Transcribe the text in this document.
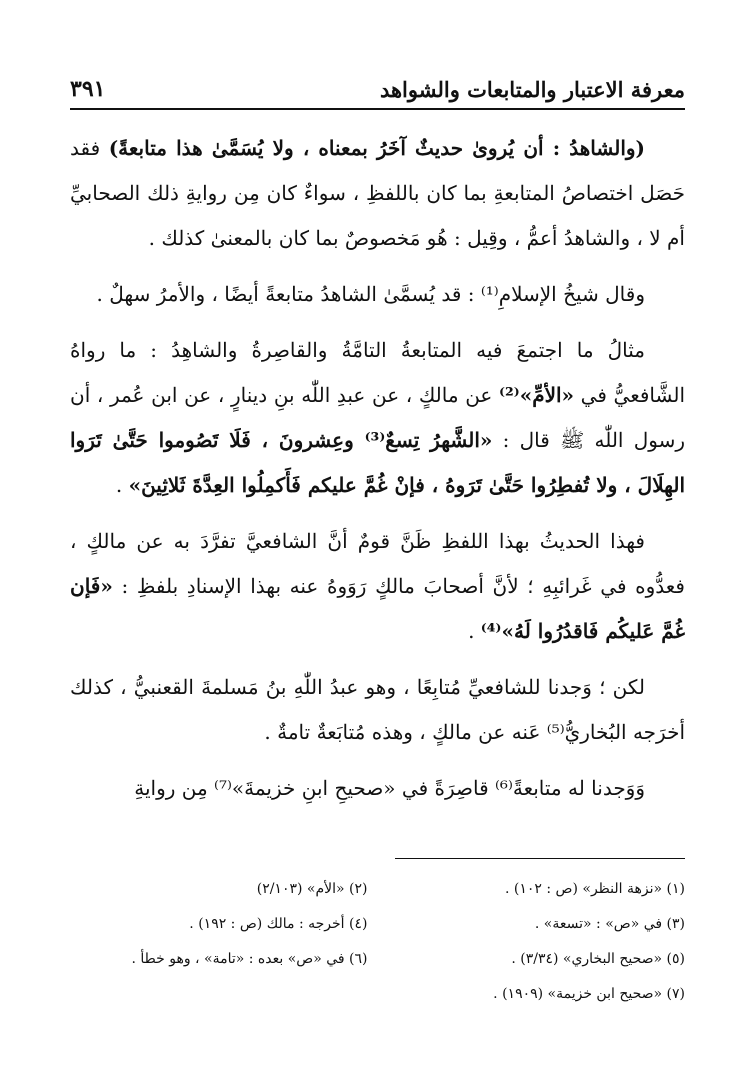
معرفة الاعتبار والمتابعات والشواهد
٣٩١

(والشاهدُ : أن يُروىٰ حديثٌ آخَرُ بمعناه ، ولا يُسَمَّىٰ هذا متابعةً) فقد حَصَل اختصاصُ المتابعةِ بما كان باللفظِ ، سواءٌ كان مِن روايةِ ذلك الصحابيِّ أم لا ، والشاهدُ أعمُّ ، وقِيل : هُو مَخصوصٌ بما كان بالمعنىٰ كذلك .

وقال شيخُ الإسلامِ⁽¹⁾ : قد يُسمَّىٰ الشاهدُ متابعةً أيضًا ، والأمرُ سهلٌ .

مثالُ ما اجتمعَ فيه المتابعةُ التامَّةُ والقاصِرةُ والشاهِدُ : ما رواهُ الشَّافعيُّ في «الأمِّ»⁽²⁾ عن مالكٍ ، عن عبدِ اللّٰه بنِ دينارٍ ، عن ابن عُمر ، أن رسول اللّٰه ﷺ قال : «الشَّهرُ تِسعٌ⁽³⁾ وعِشرونَ ، فَلَا تَصُوموا حَتَّىٰ تَرَوا الهِلَالَ ، ولا تُفطِرُوا حَتَّىٰ تَرَوهُ ، فإنْ غُمَّ عليكم فَأَكمِلُوا العِدَّةَ ثَلاثِينَ» .

فهذا الحديثُ بهذا اللفظِ ظَنَّ قومٌ أنَّ الشافعيَّ تفرَّدَ به عن مالكٍ ، فعدُّوه في غَرائبِهِ ؛ لأنَّ أصحابَ مالكٍ رَوَوهُ عنه بهذا الإسنادِ بلفظِ : «فَإن غُمَّ عَليكُم فَاقدُرُوا لَهُ»⁽⁴⁾ .

لكن ؛ وَجدنا للشافعيِّ مُتابِعًا ، وهو عبدُ اللّٰهِ بنُ مَسلمةَ القعنبيُّ ، كذلك أخرَجه البُخاريُّ⁽⁵⁾ عَنه عن مالكٍ ، وهذه مُتابَعةٌ تامةٌ .

وَوَجدنا له متابعةً⁽⁶⁾ قاصِرَةً في «صحيحِ ابنِ خزيمةَ»⁽⁷⁾ مِن روايةِ

(١) «نزهة النظر» (ص : ١٠٢) .
(٢) «الأم» (٢/١٠٣)
(٣) في «ص» : «تسعة» .
(٤) أخرجه : مالك (ص : ١٩٢) .
(٥) «صحيح البخاري» (٣/٣٤) .
(٦) في «ص» بعده : «تامة» ، وهو خطأ .
(٧) «صحيح ابن خزيمة» (١٩٠٩) .
